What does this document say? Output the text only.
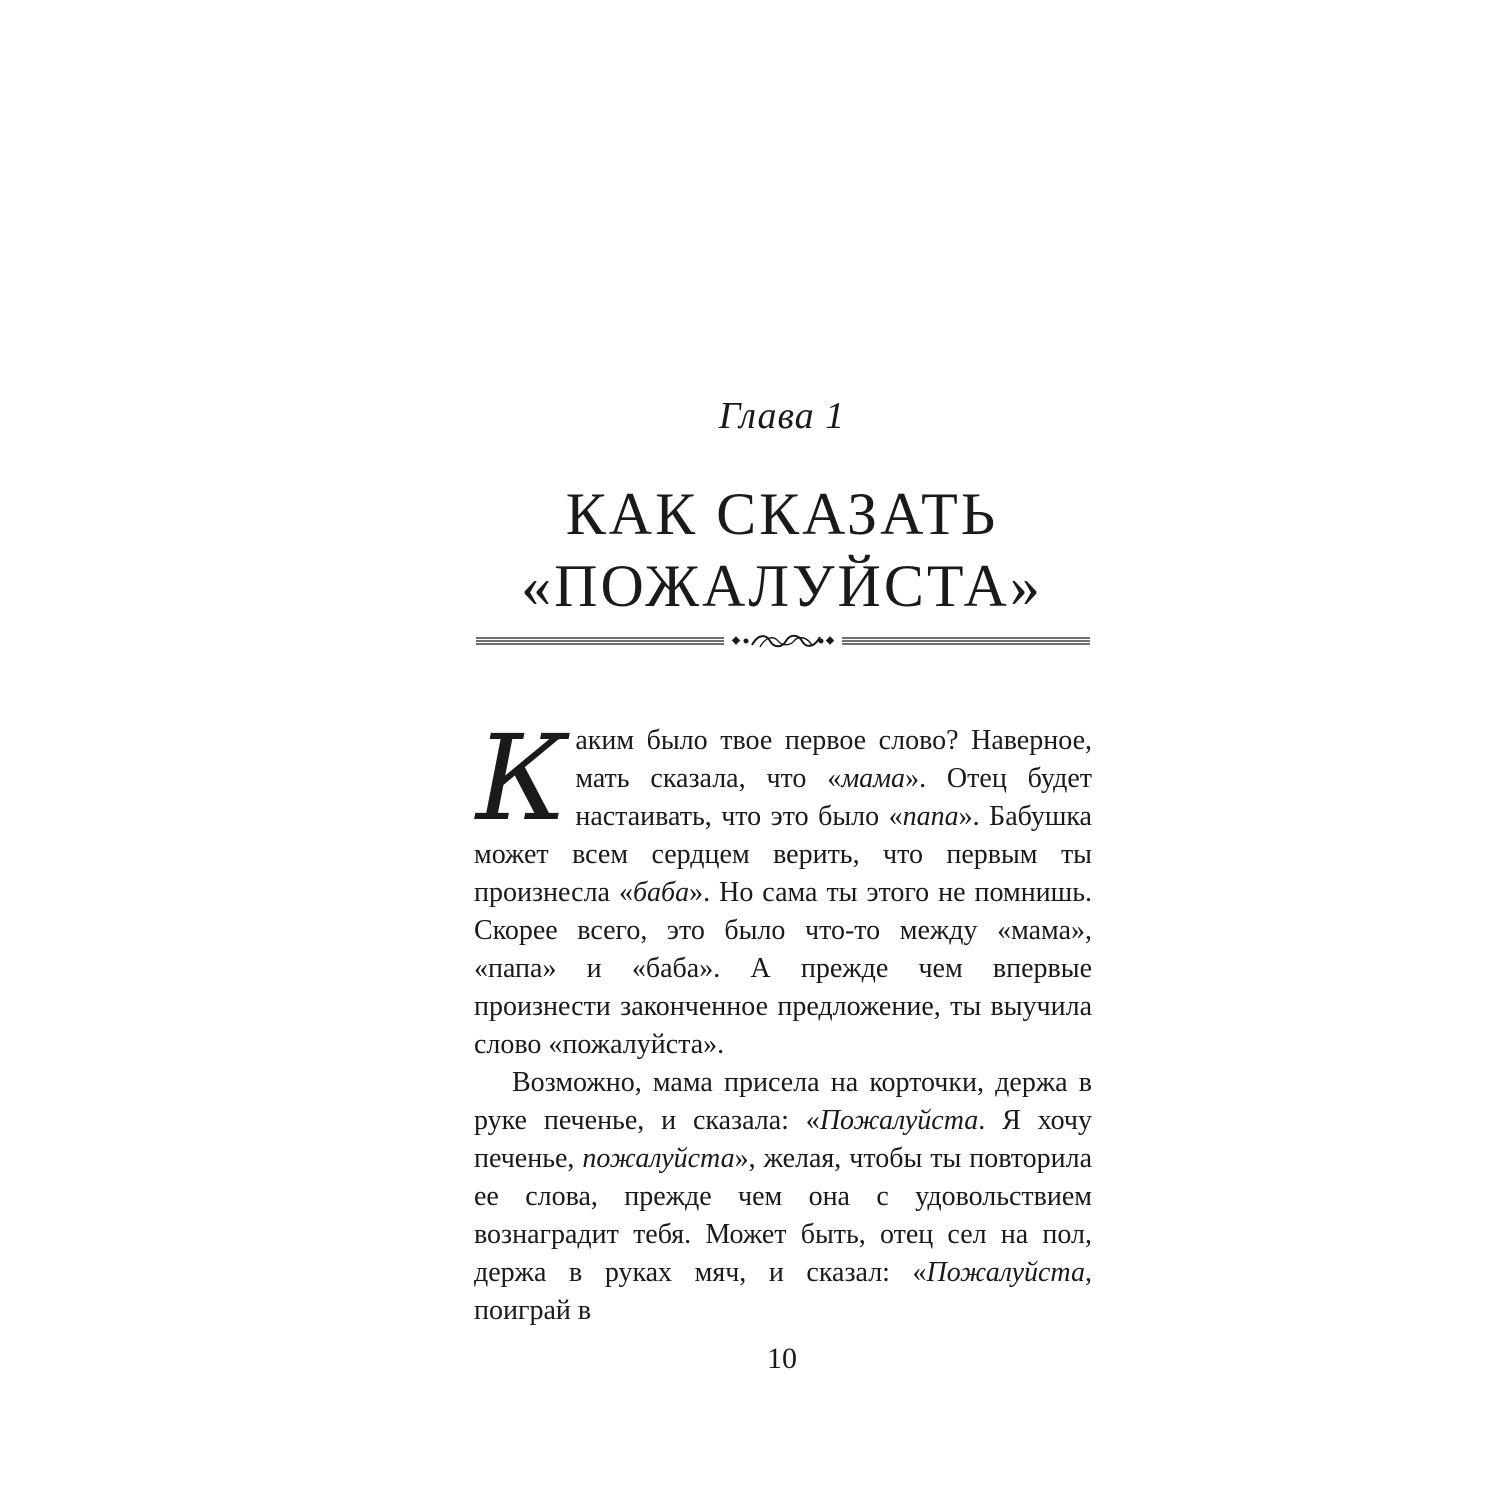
Глава 1
КАК СКАЗАТЬ
«ПОЖАЛУЙСТА»

Каким было твое первое слово? Наверное, мать сказала, что «мама». Отец будет настаивать, что это было «папа». Бабушка может всем сердцем верить, что первым ты произнесла «баба». Но сама ты этого не помнишь. Скорее всего, это было что-то между «мама», «папа» и «баба». А прежде чем впервые произнести законченное предложение, ты выучила слово «пожалуйста».

Возможно, мама присела на корточки, держа в руке печенье, и сказала: «Пожалуйста. Я хочу печенье, пожалуйста», желая, чтобы ты повторила ее слова, прежде чем она с удовольствием вознаградит тебя. Может быть, отец сел на пол, держа в руках мяч, и сказал: «Пожалуйста, поиграй в

10
